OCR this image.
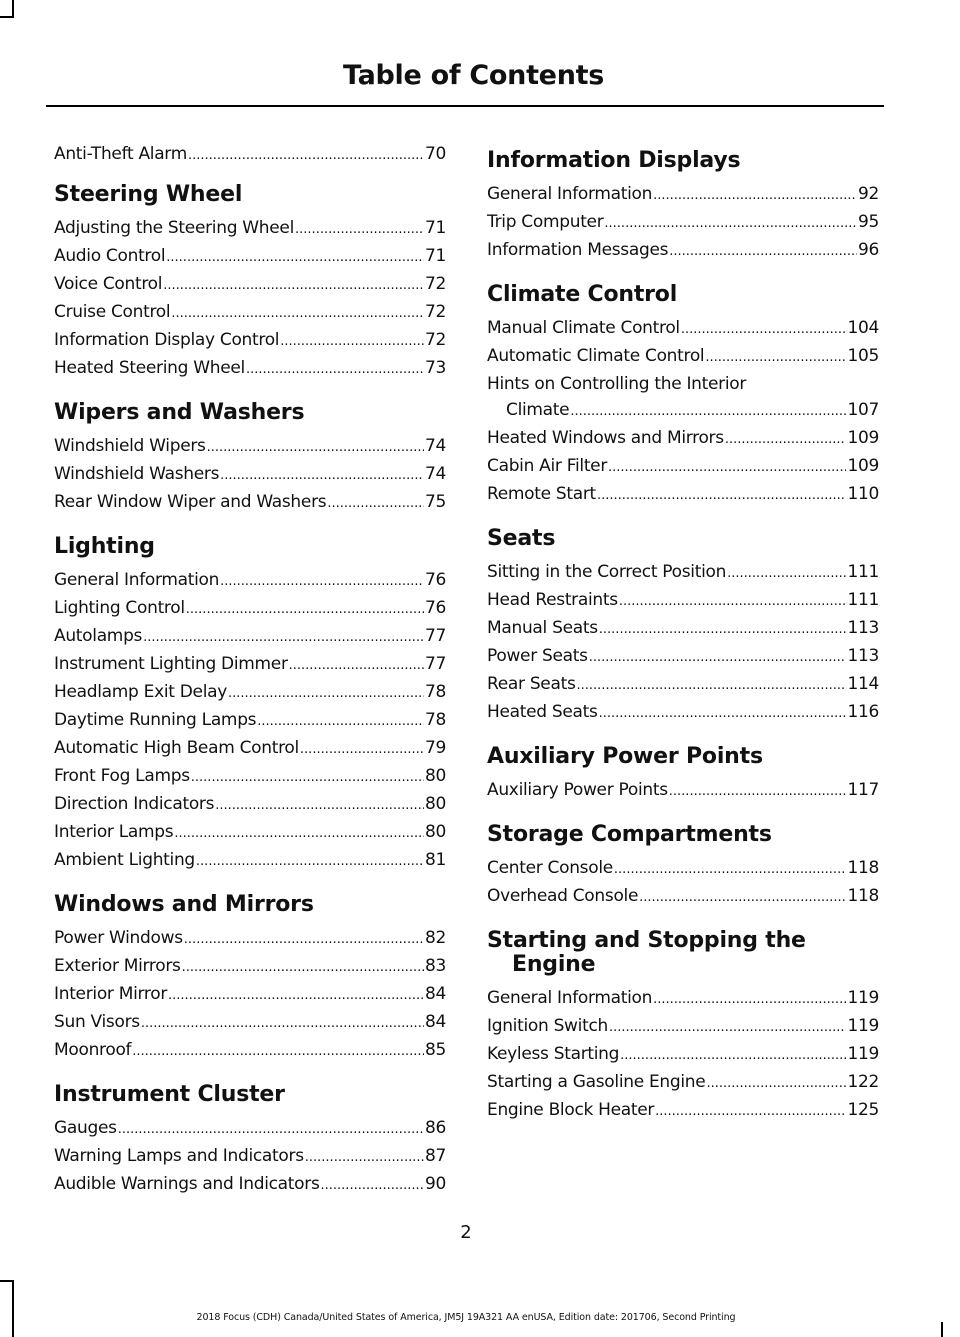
Table of Contents
Anti-Theft Alarm .....	70
Steering Wheel
Adjusting the Steering Wheel .....	71
Audio Control .....	71
Voice Control .....	72
Cruise Control .....	72
Information Display Control .....	72
Heated Steering Wheel .....	73
Wipers and Washers
Windshield Wipers .....	74
Windshield Washers .....	74
Rear Window Wiper and Washers .....	75
Lighting
General Information .....	76
Lighting Control .....	76
Autolamps .....	77
Instrument Lighting Dimmer .....	77
Headlamp Exit Delay .....	78
Daytime Running Lamps .....	78
Automatic High Beam Control .....	79
Front Fog Lamps .....	80
Direction Indicators .....	80
Interior Lamps .....	80
Ambient Lighting .....	81
Windows and Mirrors
Power Windows .....	82
Exterior Mirrors .....	83
Interior Mirror .....	84
Sun Visors .....	84
Moonroof .....	85
Instrument Cluster
Gauges .....	86
Warning Lamps and Indicators .....	87
Audible Warnings and Indicators .....	90
Information Displays
General Information .....	92
Trip Computer .....	95
Information Messages .....	96
Climate Control
Manual Climate Control .....	104
Automatic Climate Control .....	105
Hints on Controlling the Interior
Climate .....	107
Heated Windows and Mirrors .....	109
Cabin Air Filter .....	109
Remote Start .....	110
Seats
Sitting in the Correct Position .....	111
Head Restraints .....	111
Manual Seats .....	113
Power Seats .....	113
Rear Seats .....	114
Heated Seats .....	116
Auxiliary Power Points
Auxiliary Power Points .....	117
Storage Compartments
Center Console .....	118
Overhead Console .....	118
Starting and Stopping the
Engine
General Information .....	119
Ignition Switch .....	119
Keyless Starting .....	119
Starting a Gasoline Engine .....	122
Engine Block Heater .....	125
2
2018 Focus (CDH) Canada/United States of America, JM5J 19A321 AA enUSA, Edition date: 201706, Second Printing
